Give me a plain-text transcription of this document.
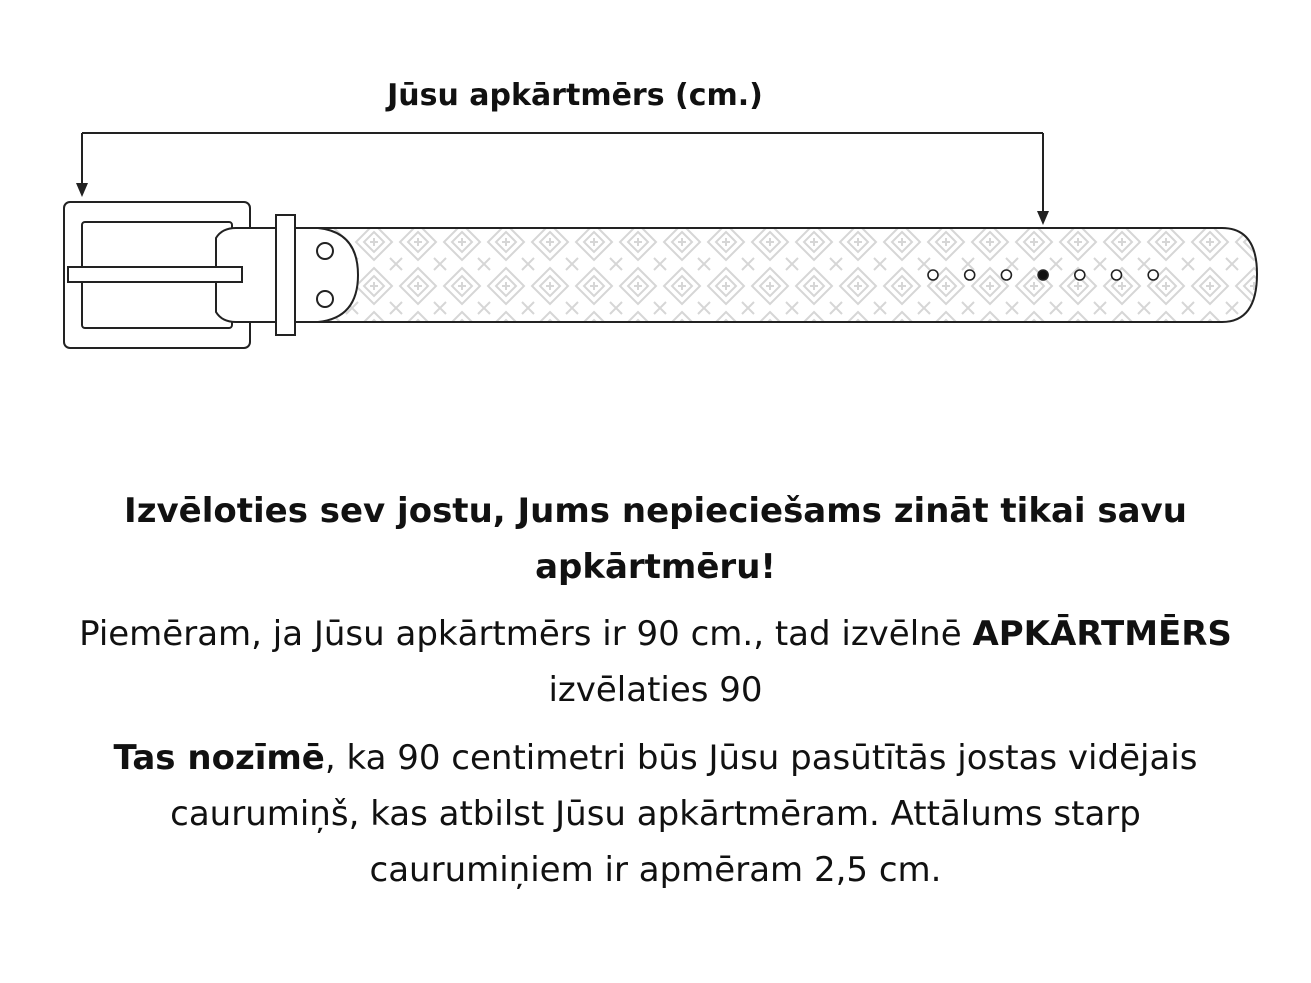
Jūsu apkārtmērs (cm.)
Izvēloties sev jostu, Jums nepieciešams zināt tikai savu
apkārtmēru!
Piemēram, ja Jūsu apkārtmērs ir 90 cm., tad izvēlnē APKĀRTMĒRS
izvēlaties 90
Tas nozīmē, ka 90 centimetri būs Jūsu pasūtītās jostas vidējais
caurumiņš, kas atbilst Jūsu apkārtmēram. Attālums starp
caurumiņiem ir apmēram 2,5 cm.
